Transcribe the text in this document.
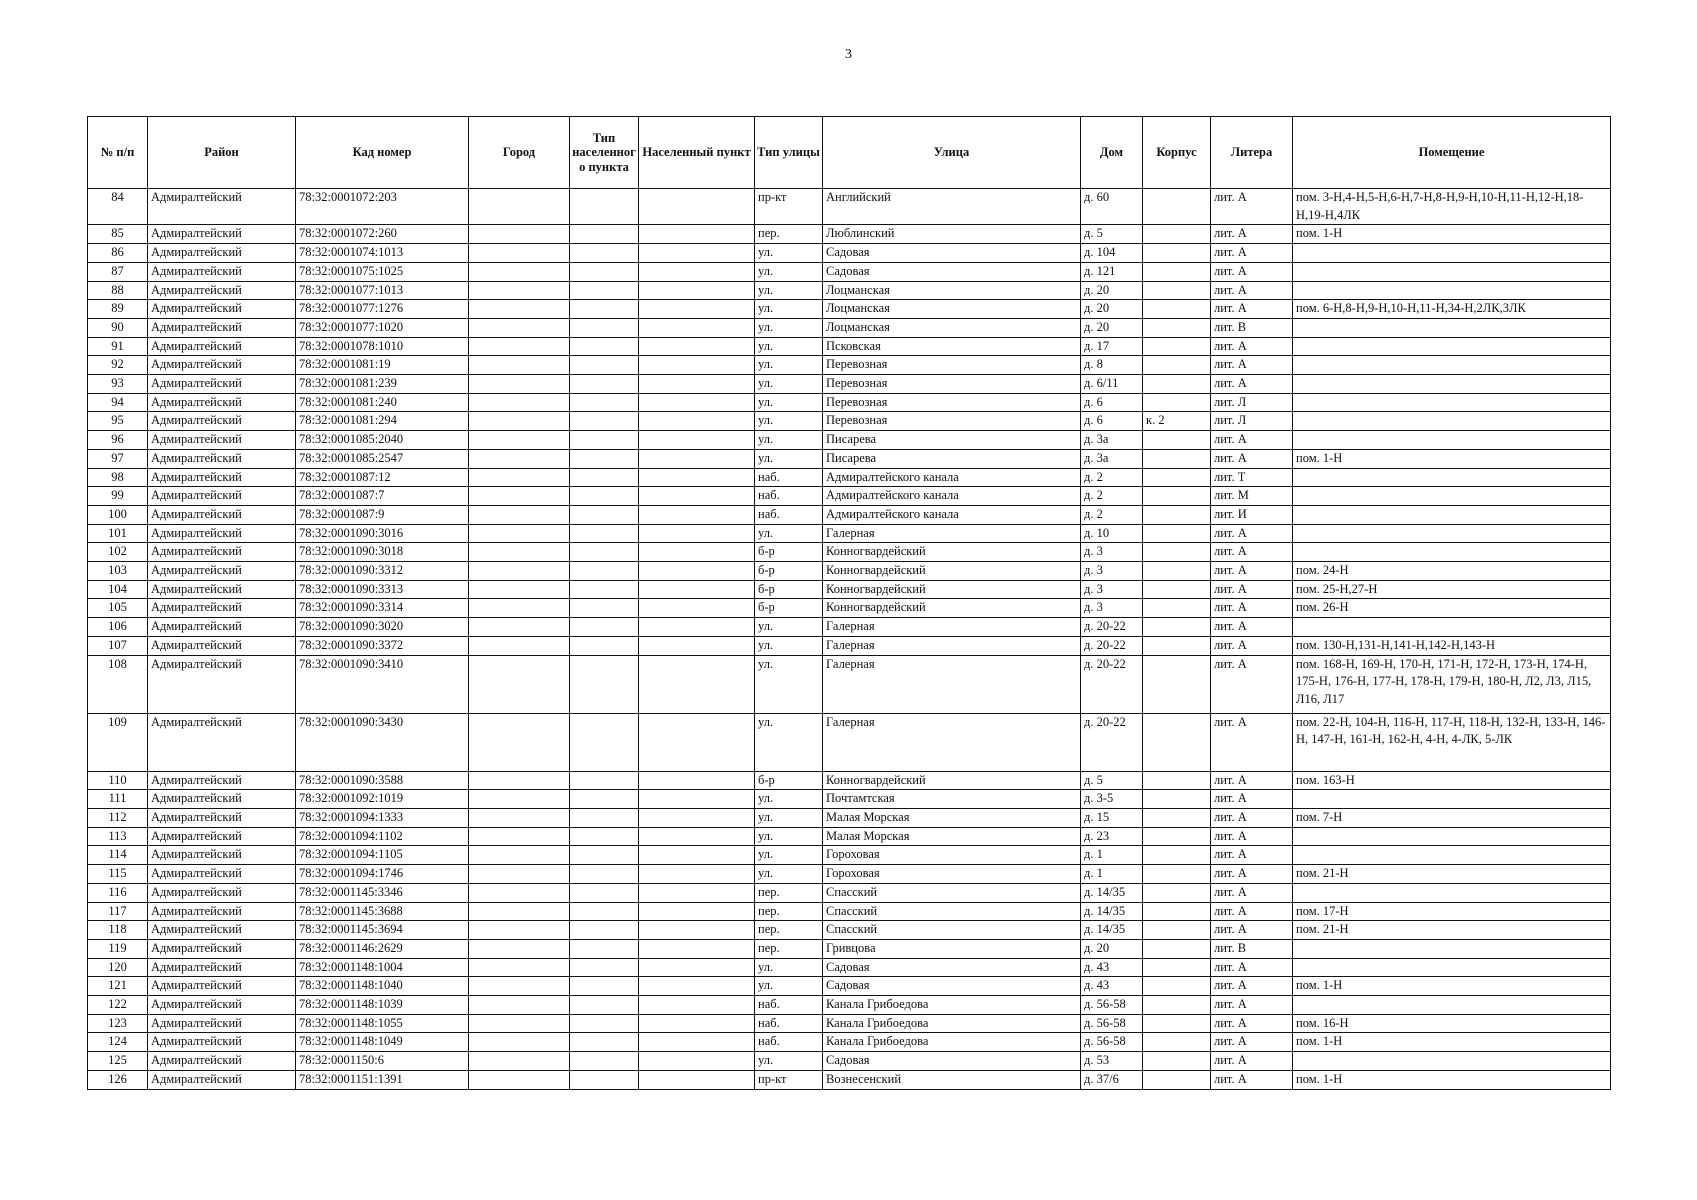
3
№ п/п	Район	Кад номер	Город	Тип населенного пункта	Населенный пункт	Тип улицы	Улица	Дом	Корпус	Литера	Помещение
84	Адмиралтейский	78:32:0001072:203				пр-кт	Английский	д. 60		лит. А	пом. 3-Н,4-Н,5-Н,6-Н,7-Н,8-Н,9-Н,10-Н,11-Н,12-Н,18-Н,19-Н,4ЛК
85	Адмиралтейский	78:32:0001072:260				пер.	Люблинский	д. 5		лит. А	пом. 1-Н
86	Адмиралтейский	78:32:0001074:1013				ул.	Садовая	д. 104		лит. А	
87	Адмиралтейский	78:32:0001075:1025				ул.	Садовая	д. 121		лит. А	
88	Адмиралтейский	78:32:0001077:1013				ул.	Лоцманская	д. 20		лит. А	
89	Адмиралтейский	78:32:0001077:1276				ул.	Лоцманская	д. 20		лит. А	пом. 6-Н,8-Н,9-Н,10-Н,11-Н,34-Н,2ЛК,3ЛК
90	Адмиралтейский	78:32:0001077:1020				ул.	Лоцманская	д. 20		лит. В	
91	Адмиралтейский	78:32:0001078:1010				ул.	Псковская	д. 17		лит. А	
92	Адмиралтейский	78:32:0001081:19				ул.	Перевозная	д. 8		лит. А	
93	Адмиралтейский	78:32:0001081:239				ул.	Перевозная	д. 6/11		лит. А	
94	Адмиралтейский	78:32:0001081:240				ул.	Перевозная	д. 6		лит. Л	
95	Адмиралтейский	78:32:0001081:294				ул.	Перевозная	д. 6	к. 2	лит. Л	
96	Адмиралтейский	78:32:0001085:2040				ул.	Писарева	д. 3а		лит. А	
97	Адмиралтейский	78:32:0001085:2547				ул.	Писарева	д. 3а		лит. А	пом. 1-Н
98	Адмиралтейский	78:32:0001087:12				наб.	Адмиралтейского канала	д. 2		лит. Т	
99	Адмиралтейский	78:32:0001087:7				наб.	Адмиралтейского канала	д. 2		лит. М	
100	Адмиралтейский	78:32:0001087:9				наб.	Адмиралтейского канала	д. 2		лит. И	
101	Адмиралтейский	78:32:0001090:3016				ул.	Галерная	д. 10		лит. А	
102	Адмиралтейский	78:32:0001090:3018				б-р	Конногвардейский	д. 3		лит. А	
103	Адмиралтейский	78:32:0001090:3312				б-р	Конногвардейский	д. 3		лит. А	пом. 24-Н
104	Адмиралтейский	78:32:0001090:3313				б-р	Конногвардейский	д. 3		лит. А	пом. 25-Н,27-Н
105	Адмиралтейский	78:32:0001090:3314				б-р	Конногвардейский	д. 3		лит. А	пом. 26-Н
106	Адмиралтейский	78:32:0001090:3020				ул.	Галерная	д. 20-22		лит. А	
107	Адмиралтейский	78:32:0001090:3372				ул.	Галерная	д. 20-22		лит. А	пом. 130-Н,131-Н,141-Н,142-Н,143-Н
108	Адмиралтейский	78:32:0001090:3410				ул.	Галерная	д. 20-22		лит. А	пом. 168-Н, 169-Н, 170-Н, 171-Н, 172-Н, 173-Н, 174-Н, 175-Н, 176-Н, 177-Н, 178-Н, 179-Н, 180-Н, Л2, Л3, Л15, Л16, Л17
109	Адмиралтейский	78:32:0001090:3430				ул.	Галерная	д. 20-22		лит. А	пом. 22-Н, 104-Н, 116-Н, 117-Н, 118-Н, 132-Н, 133-Н, 146-Н, 147-Н, 161-Н, 162-Н, 4-Н, 4-ЛК, 5-ЛК
110	Адмиралтейский	78:32:0001090:3588				б-р	Конногвардейский	д. 5		лит. А	пом. 163-Н
111	Адмиралтейский	78:32:0001092:1019				ул.	Почтамтская	д. 3-5		лит. А	
112	Адмиралтейский	78:32:0001094:1333				ул.	Малая Морская	д. 15		лит. А	пом. 7-Н
113	Адмиралтейский	78:32:0001094:1102				ул.	Малая Морская	д. 23		лит. А	
114	Адмиралтейский	78:32:0001094:1105				ул.	Гороховая	д. 1		лит. А	
115	Адмиралтейский	78:32:0001094:1746				ул.	Гороховая	д. 1		лит. А	пом. 21-Н
116	Адмиралтейский	78:32:0001145:3346				пер.	Спасский	д. 14/35		лит. А	
117	Адмиралтейский	78:32:0001145:3688				пер.	Спасский	д. 14/35		лит. А	пом. 17-Н
118	Адмиралтейский	78:32:0001145:3694				пер.	Спасский	д. 14/35		лит. А	пом. 21-Н
119	Адмиралтейский	78:32:0001146:2629				пер.	Гривцова	д. 20		лит. В	
120	Адмиралтейский	78:32:0001148:1004				ул.	Садовая	д. 43		лит. А	
121	Адмиралтейский	78:32:0001148:1040				ул.	Садовая	д. 43		лит. А	пом. 1-Н
122	Адмиралтейский	78:32:0001148:1039				наб.	Канала Грибоедова	д. 56-58		лит. А	
123	Адмиралтейский	78:32:0001148:1055				наб.	Канала Грибоедова	д. 56-58		лит. А	пом. 16-Н
124	Адмиралтейский	78:32:0001148:1049				наб.	Канала Грибоедова	д. 56-58		лит. А	пом. 1-Н
125	Адмиралтейский	78:32:0001150:6				ул.	Садовая	д. 53		лит. А	
126	Адмиралтейский	78:32:0001151:1391				пр-кт	Вознесенский	д. 37/6		лит. А	пом. 1-Н
